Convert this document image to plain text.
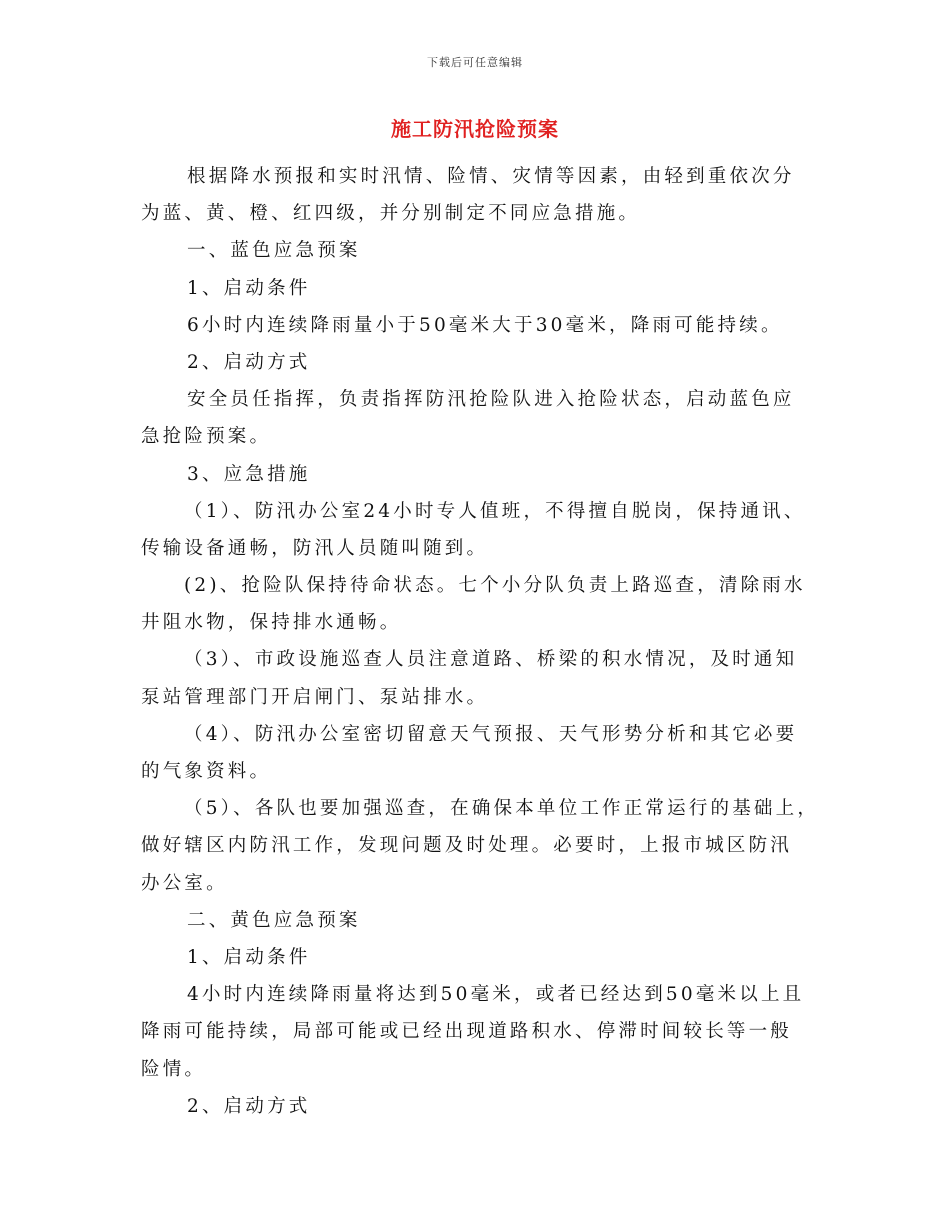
下载后可任意编辑
施工防汛抢险预案
根据降水预报和实时汛情、险情、灾情等因素，由轻到重依次分
为蓝、黄、橙、红四级，并分别制定不同应急措施。
一、蓝色应急预案
1、启动条件
6小时内连续降雨量小于50毫米大于30毫米，降雨可能持续。
2、启动方式
安全员任指挥，负责指挥防汛抢险队进入抢险状态，启动蓝色应
急抢险预案。
3、应急措施
（1）、防汛办公室24小时专人值班，不得擅自脱岗，保持通讯、
传输设备通畅，防汛人员随叫随到。
(2)、抢险队保持待命状态。七个小分队负责上路巡查，清除雨水
井阻水物，保持排水通畅。
（3）、市政设施巡查人员注意道路、桥梁的积水情况，及时通知
泵站管理部门开启闸门、泵站排水。
（4）、防汛办公室密切留意天气预报、天气形势分析和其它必要
的气象资料。
（5）、各队也要加强巡查，在确保本单位工作正常运行的基础上，
做好辖区内防汛工作，发现问题及时处理。必要时，上报市城区防汛
办公室。
二、黄色应急预案
1、启动条件
4小时内连续降雨量将达到50毫米，或者已经达到50毫米以上且
降雨可能持续，局部可能或已经出现道路积水、停滞时间较长等一般
险情。
2、启动方式
